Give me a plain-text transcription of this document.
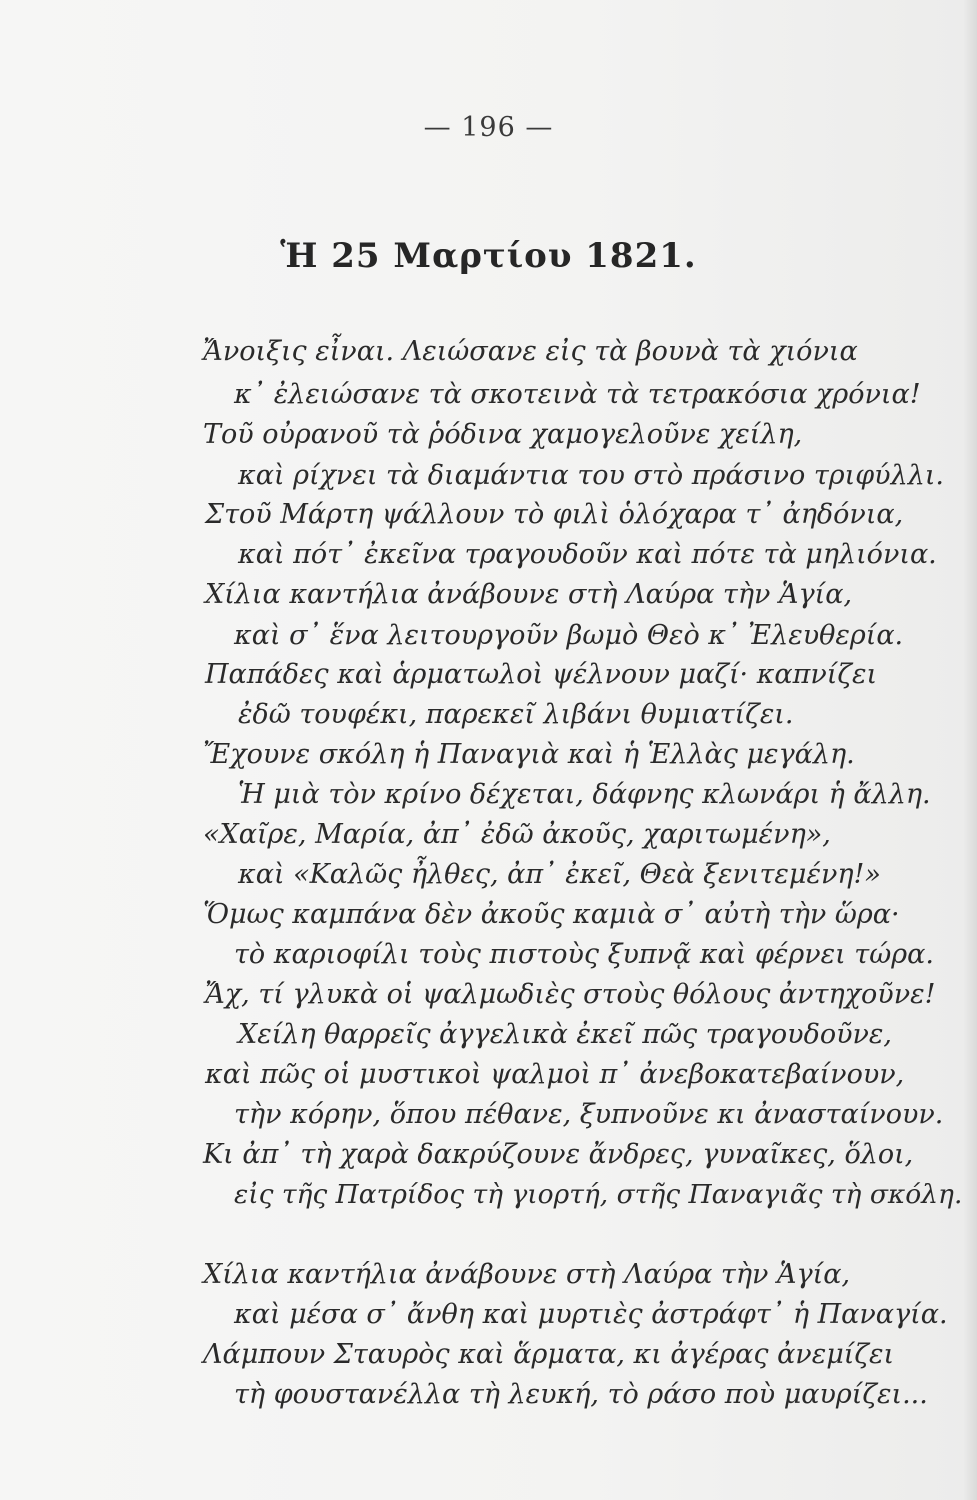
— 196 —
Ἡ 25 Μαρτίου 1821.
Ἄνοιξις εἶναι. Λειώσανε εἰς τὰ βουνὰ τὰ χιόνια
κ᾽ ἐλειώσανε τὰ σκοτεινὰ τὰ τετρακόσια χρόνια!
Τοῦ οὐρανοῦ τὰ ῥόδινα χαμογελοῦνε χείλη,
καὶ ρίχνει τὰ διαμάντια του στὸ πράσινο τριφύλλι.
Στοῦ Μάρτη ψάλλουν τὸ φιλὶ ὁλόχαρα τ᾽ ἀηδόνια,
καὶ πότ᾽ ἐκεῖνα τραγουδοῦν καὶ πότε τὰ μηλιόνια.
Χίλια καντήλια ἀνάβουνε στὴ Λαύρα τὴν Ἁγία,
καὶ σ᾽ ἕνα λειτουργοῦν βωμὸ Θεὸ κ᾽ Ἐλευθερία.
Παπάδες καὶ ἁρματωλοὶ ψέλνουν μαζί· καπνίζει
ἐδῶ τουφέκι, παρεκεῖ λιβάνι θυμιατίζει.
Ἔχουνε σκόλη ἡ Παναγιὰ καὶ ἡ Ἑλλὰς μεγάλη.
Ἡ μιὰ τὸν κρίνο δέχεται, δάφνης κλωνάρι ἡ ἄλλη.
«Χαῖρε, Μαρία, ἀπ᾽ ἐδῶ ἀκοῦς, χαριτωμένη»,
καὶ «Καλῶς ἦλθες, ἀπ᾽ ἐκεῖ, Θεὰ ξενιτεμένη!»
Ὅμως καμπάνα δὲν ἀκοῦς καμιὰ σ᾽ αὐτὴ τὴν ὥρα·
τὸ καριοφίλι τοὺς πιστοὺς ξυπνᾷ καὶ φέρνει τώρα.
Ἄχ, τί γλυκὰ οἱ ψαλμωδιὲς στοὺς θόλους ἀντηχοῦνε!
Χείλη θαρρεῖς ἀγγελικὰ ἐκεῖ πῶς τραγουδοῦνε,
καὶ πῶς οἱ μυστικοὶ ψαλμοὶ π᾽ ἀνεβοκατεβαίνουν,
τὴν κόρην, ὅπου πέθανε, ξυπνοῦνε κι ἀνασταίνουν.
Κι ἀπ᾽ τὴ χαρὰ δακρύζουνε ἄνδρες, γυναῖκες, ὅλοι,
εἰς τῆς Πατρίδος τὴ γιορτή, στῆς Παναγιᾶς τὴ σκόλη.
Χίλια καντήλια ἀνάβουνε στὴ Λαύρα τὴν Ἁγία,
καὶ μέσα σ᾽ ἄνθη καὶ μυρτιὲς ἀστράφτ᾽ ἡ Παναγία.
Λάμπουν Σταυρὸς καὶ ἅρματα, κι ἀγέρας ἀνεμίζει
τὴ φουστανέλλα τὴ λευκή, τὸ ράσο ποὺ μαυρίζει...
